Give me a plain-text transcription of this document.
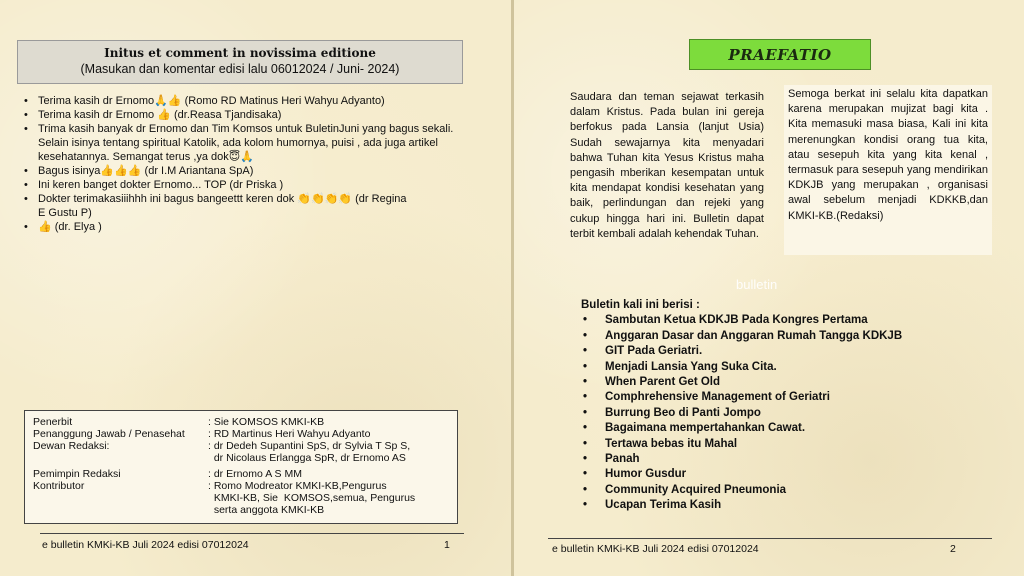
Initus et comment in novissima editione
(Masukan dan komentar edisi lalu 06012024 / Juni- 2024)
• Terima kasih dr Ernomo🙏👍 (Romo RD Matinus Heri Wahyu Adyanto)
• Terima kasih dr Ernomo 👍 (dr.Reasa Tjandisaka)
• Trima kasih banyak dr Ernomo dan Tim Komsos untuk BuletinJuni yang bagus sekali. Selain isinya tentang spiritual Katolik, ada kolom humornya, puisi , ada juga artikel kesehatannya. Semangat terus ,ya dok😇🙏
• Bagus isinya👍👍👍 (dr I.M Ariantana SpA)
• Ini keren banget dokter Ernomo... TOP (dr Priska )
• Dokter terimakasiiihhh ini bagus bangeettt keren dok 👏👏👏👏 (dr Regina
E Gustu P)
• 👍 (dr. Elya )
Penerbit	: Sie KOMSOS KMKI-KB
Penanggung Jawab / Penasehat	: RD Martinus Heri Wahyu Adyanto
Dewan Redaksi:	: dr Dedeh Supantini SpS, dr Sylvia T Sp S,
dr Nicolaus Erlangga SpR, dr Ernomo AS
Pemimpin Redaksi	: dr Ernomo A S MM
Kontributor	: Romo Modreator KMKI-KB,Pengurus
KMKI-KB, Sie  KOMSOS,semua, Pengurus
serta anggota KMKI-KB
e bulletin KMKi-KB Juli 2024 edisi 07012024	1
PRAEFATIO
Saudara dan teman sejawat terkasih dalam Kristus. Pada bulan ini gereja berfokus pada Lansia (lanjut Usia) Sudah sewajarnya kita menyadari bahwa Tuhan kita Yesus Kristus maha pengasih mberikan kesempatan untuk kita mendapat kondisi kesehatan yang baik, perlindungan dan rejeki yang cukup hingga hari ini. Bulletin dapat terbit kembali adalah kehendak Tuhan.
Semoga berkat ini selalu kita dapatkan karena merupakan mujizat bagi kita . Kita memasuki masa biasa, Kali ini kita merenungkan kondisi orang tua kita, atau sesepuh kita yang kita kenal , termasuk para sesepuh yang mendirikan KDKJB yang merupakan , organisasi awal sebelum menjadi KDKKB,dan KMKI-KB.(Redaksi)
bulletin
Buletin kali ini berisi :
• Sambutan Ketua KDKJB Pada Kongres Pertama
• Anggaran Dasar dan Anggaran Rumah Tangga KDKJB
• GIT Pada Geriatri.
• Menjadi Lansia Yang Suka Cita.
• When Parent Get Old
• Comphrehensive Management of Geriatri
• Burrung Beo di Panti Jompo
• Bagaimana mempertahankan Cawat.
• Tertawa bebas itu Mahal
• Panah
• Humor Gusdur
• Community Acquired Pneumonia
• Ucapan Terima Kasih
e bulletin KMKi-KB Juli 2024 edisi 07012024	2
